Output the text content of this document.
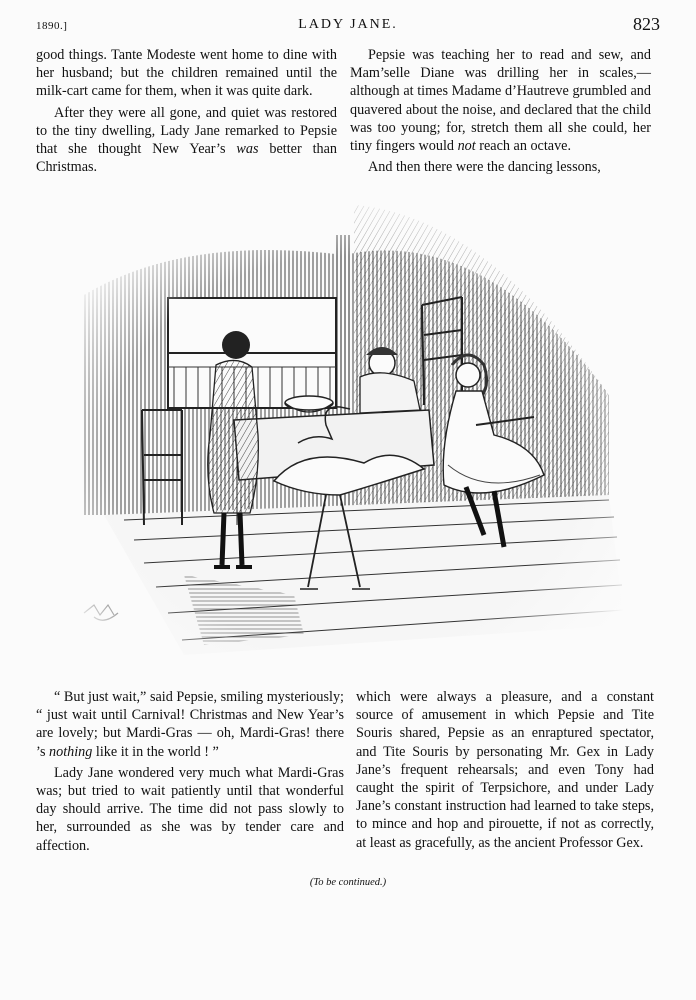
1890.]	LADY JANE.	823

good things. Tante Modeste went home to dine with her husband; but the children remained until the milk-cart came for them, when it was quite dark.

After they were all gone, and quiet was restored to the tiny dwelling, Lady Jane remarked to Pepsie that she thought New Year’s was better than Christmas.

Pepsie was teaching her to read and sew, and Mam’selle Diane was drilling her in scales,—although at times Madame d’Hautreve grumbled and quavered about the noise, and declared that the child was too young; for, stretch them all she could, her tiny fingers would not reach an octave.

And then there were the dancing lessons,

“ But just wait,” said Pepsie, smiling mysteriously; “ just wait until Carnival! Christmas and New Year’s are lovely; but Mardi-Gras — oh, Mardi-Gras! there ’s nothing like it in the world ! ”

Lady Jane wondered very much what Mardi-Gras was; but tried to wait patiently until that wonderful day should arrive. The time did not pass slowly to her, surrounded as she was by tender care and affection.

which were always a pleasure, and a constant source of amusement in which Pepsie and Tite Souris shared, Pepsie as an enraptured spectator, and Tite Souris by personating Mr. Gex in Lady Jane’s frequent rehearsals; and even Tony had caught the spirit of Terpsichore, and under Lady Jane’s constant instruction had learned to take steps, to mince and hop and pirouette, if not as correctly, at least as gracefully, as the ancient Professor Gex.

(To be continued.)
